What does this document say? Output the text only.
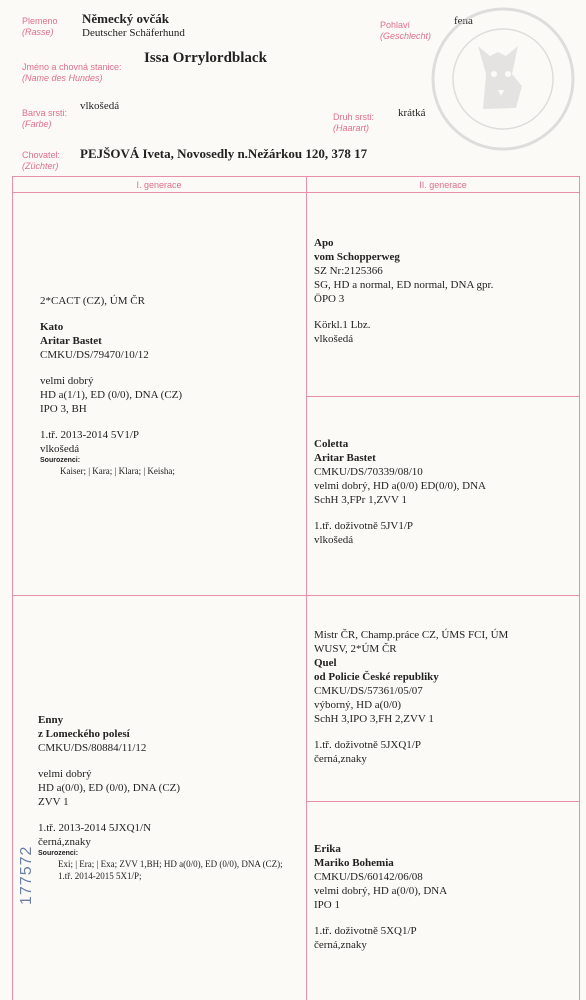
Plemeno
(Rasse)
Německý ovčák
Deutscher Schäferhund
Pohlaví
(Geschlecht)
fena
Jméno a chovná stanice:
(Name des Hundes)
Issa Orrylordblack
Barva srsti:
(Farbe)
vlkošedá
Druh srsti:
(Haarart)
krátká
Chovatel:
(Züchter)
PEJŠOVÁ Iveta, Novosedly n.Nežárkou 120, 378 17
I. generace	II. generace
2*CACT (CZ), ÚM ČR
Kato
Aritar Bastet
CMKU/DS/79470/10/12
velmi dobrý
HD a(1/1), ED (0/0), DNA (CZ)
IPO 3, BH
1.tř. 2013-2014 5V1/P
vlkošedá
Sourozenci:
Kaiser; | Kara; | Klara; | Keisha;
Apo
vom Schopperweg
SZ Nr:2125366
SG, HD a normal, ED normal, DNA gpr.
ÖPO 3
Körkl.1 Lbz.
vlkošedá
Coletta
Aritar Bastet
CMKU/DS/70339/08/10
velmi dobrý, HD a(0/0) ED(0/0), DNA
SchH 3,FPr 1,ZVV 1
1.tř. doživotně 5JV1/P
vlkošedá
Enny
z Lomeckého polesí
CMKU/DS/80884/11/12
velmi dobrý
HD a(0/0), ED (0/0), DNA (CZ)
ZVV 1
1.tř. 2013-2014 5JXQ1/N
černá,znaky
Sourozenci:
Exi; | Era; | Exa; ZVV 1,BH; HD a(0/0), ED (0/0), DNA (CZ); 1.tř. 2014-2015 5X1/P;
Mistr ČR, Champ.práce CZ, ÚMS FCI, ÚM
WUSV, 2*ÚM ČR
Quel
od Policie České republiky
CMKU/DS/57361/05/07
výborný, HD a(0/0)
SchH 3,IPO 3,FH 2,ZVV 1
1.tř. doživotně 5JXQ1/P
černá,znaky
Erika
Mariko Bohemia
CMKU/DS/60142/06/08
velmi dobrý, HD a(0/0), DNA
IPO 1
1.tř. doživotně 5XQ1/P
černá,znaky
177572
